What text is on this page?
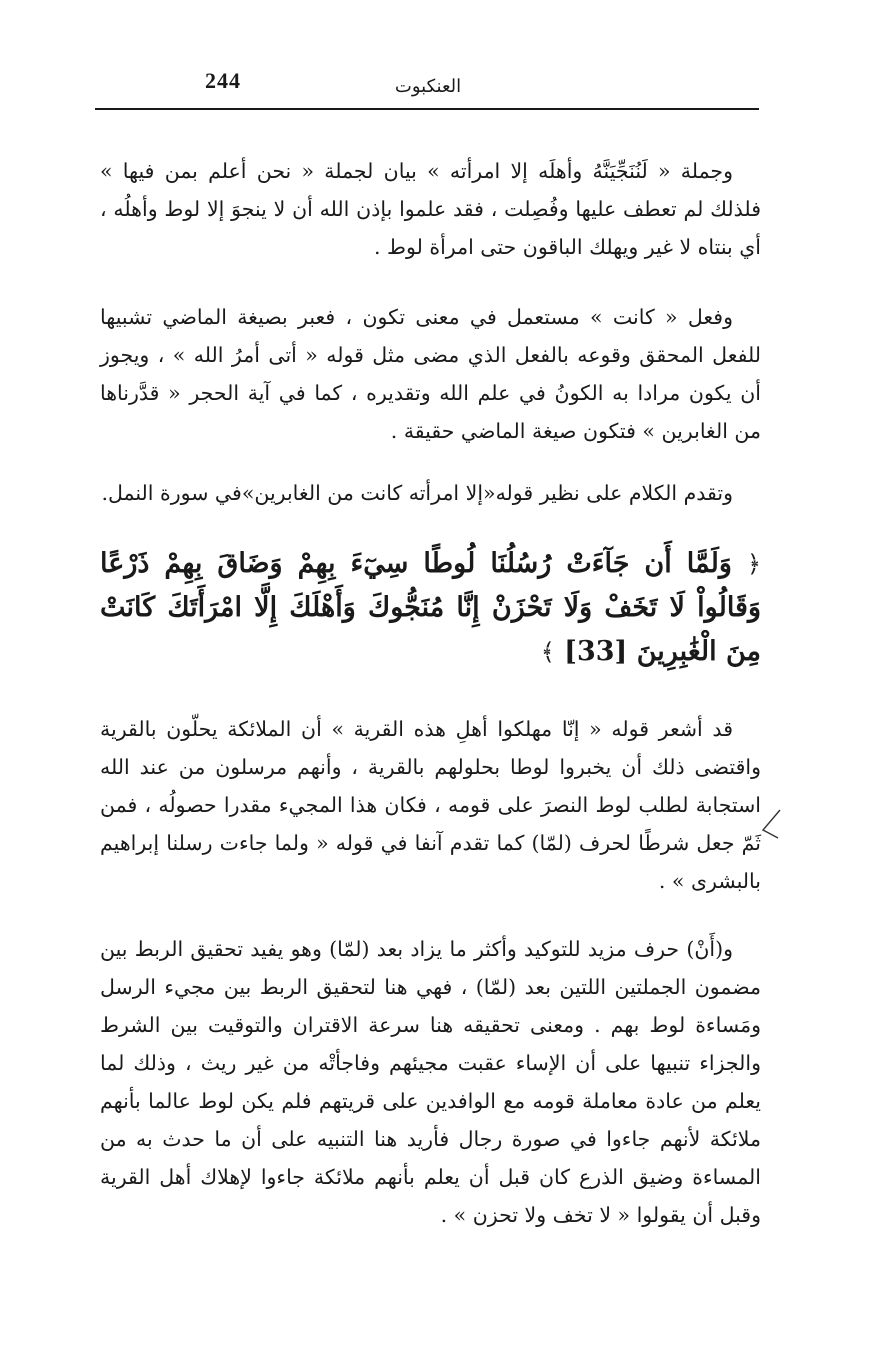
244	العنكبوت

وجملة « لَنُنَجِّيَنَّهُ وأهلَه إلا امرأته » بيان لجملة « نحن أعلم بمن فيها » فلذلك لم تعطف عليها وفُصِلت ، فقد علموا بإذن الله أن لا ينجوَ إلا لوط وأهلُه ، أي بنتاه لا غير ويهلك الباقون حتى امرأة لوط .

وفعل « كانت » مستعمل في معنى تكون ، فعبر بصيغة الماضي تشبيها للفعل المحقق وقوعه بالفعل الذي مضى مثل قوله « أتى أمرُ الله » ، ويجوز أن يكون مرادا به الكونُ في علم الله وتقديره ، كما في آية الحجر « قدَّرناها من الغابرين » فتكون صيغة الماضي حقيقة .

وتقدم الكلام على نظير قوله«إلا امرأته كانت من الغابرين»في سورة النمل.

﴿ وَلَمَّا أَن جَآءَتْ رُسُلُنَا لُوطًا سِيٓءَ بِهِمْ وَضَاقَ بِهِمْ ذَرْعًا وَقَالُواْ لَا تَخَفْ وَلَا تَحْزَنْ إِنَّا مُنَجُّوكَ وَأَهْلَكَ إِلَّا امْرَأَتَكَ كَانَتْ مِنَ الْغَٰبِرِينَ [33] ﴾

قد أشعر قوله « إنّا مهلكوا أهلِ هذه القرية » أن الملائكة يحلّون بالقرية واقتضى ذلك أن يخبروا لوطا بحلولهم بالقرية ، وأنهم مرسلون من عند الله استجابة لطلب لوط النصرَ على قومه ، فكان هذا المجيء مقدرا حصولُه ، فمن ثَمّ جعل شرطًا لحرف (لمّا) كما تقدم آنفا في قوله « ولما جاءت رسلنا إبراهيم بالبشرى » .

و(أَنْ) حرف مزيد للتوكيد وأكثر ما يزاد بعد (لمّا) وهو يفيد تحقيق الربط بين مضمون الجملتين اللتين بعد (لمّا) ، فهي هنا لتحقيق الربط بين مجيء الرسل ومَساءة لوط بهم . ومعنى تحقيقه هنا سرعة الاقتران والتوقيت بين الشرط والجزاء تنبيها على أن الإساء عقبت مجيئهم وفاجأتْه من غير ريث ، وذلك لما يعلم من عادة معاملة قومه مع الوافدين على قريتهم فلم يكن لوط عالما بأنهم ملائكة لأنهم جاءوا في صورة رجال فأريد هنا التنبيه على أن ما حدث به من المساءة وضيق الذرع كان قبل أن يعلم بأنهم ملائكة جاءوا لإهلاك أهل القرية وقبل أن يقولوا « لا تخف ولا تحزن » .
